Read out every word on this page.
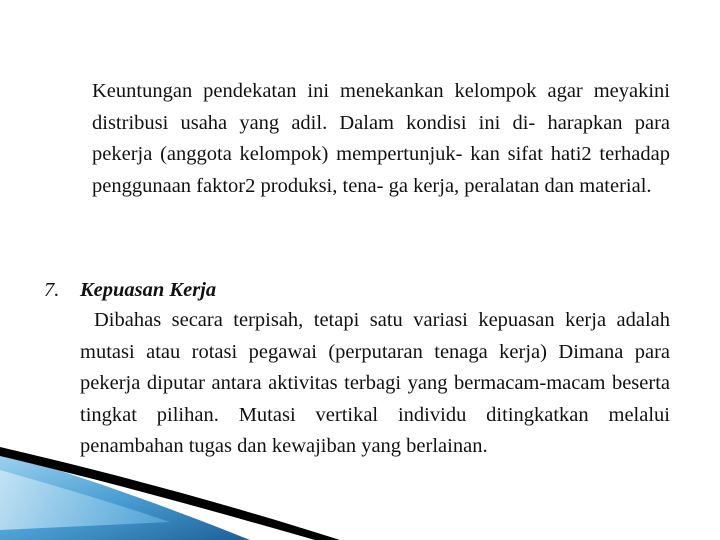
Keuntungan pendekatan ini menekankan kelompok agar meyakini distribusi usaha yang adil. Dalam kondisi ini di- harapkan para pekerja (anggota kelompok) mempertunjuk- kan sifat hati2 terhadap penggunaan faktor2 produksi, tena- ga kerja, peralatan dan material.
7.	Kepuasan Kerja
Dibahas secara terpisah, tetapi satu variasi kepuasan kerja adalah mutasi atau rotasi pegawai (perputaran tenaga kerja) Dimana para pekerja diputar antara aktivitas terbagi yang bermacam-macam beserta tingkat pilihan. Mutasi vertikal individu ditingkatkan melalui penambahan tugas dan kewajiban yang berlainan.
